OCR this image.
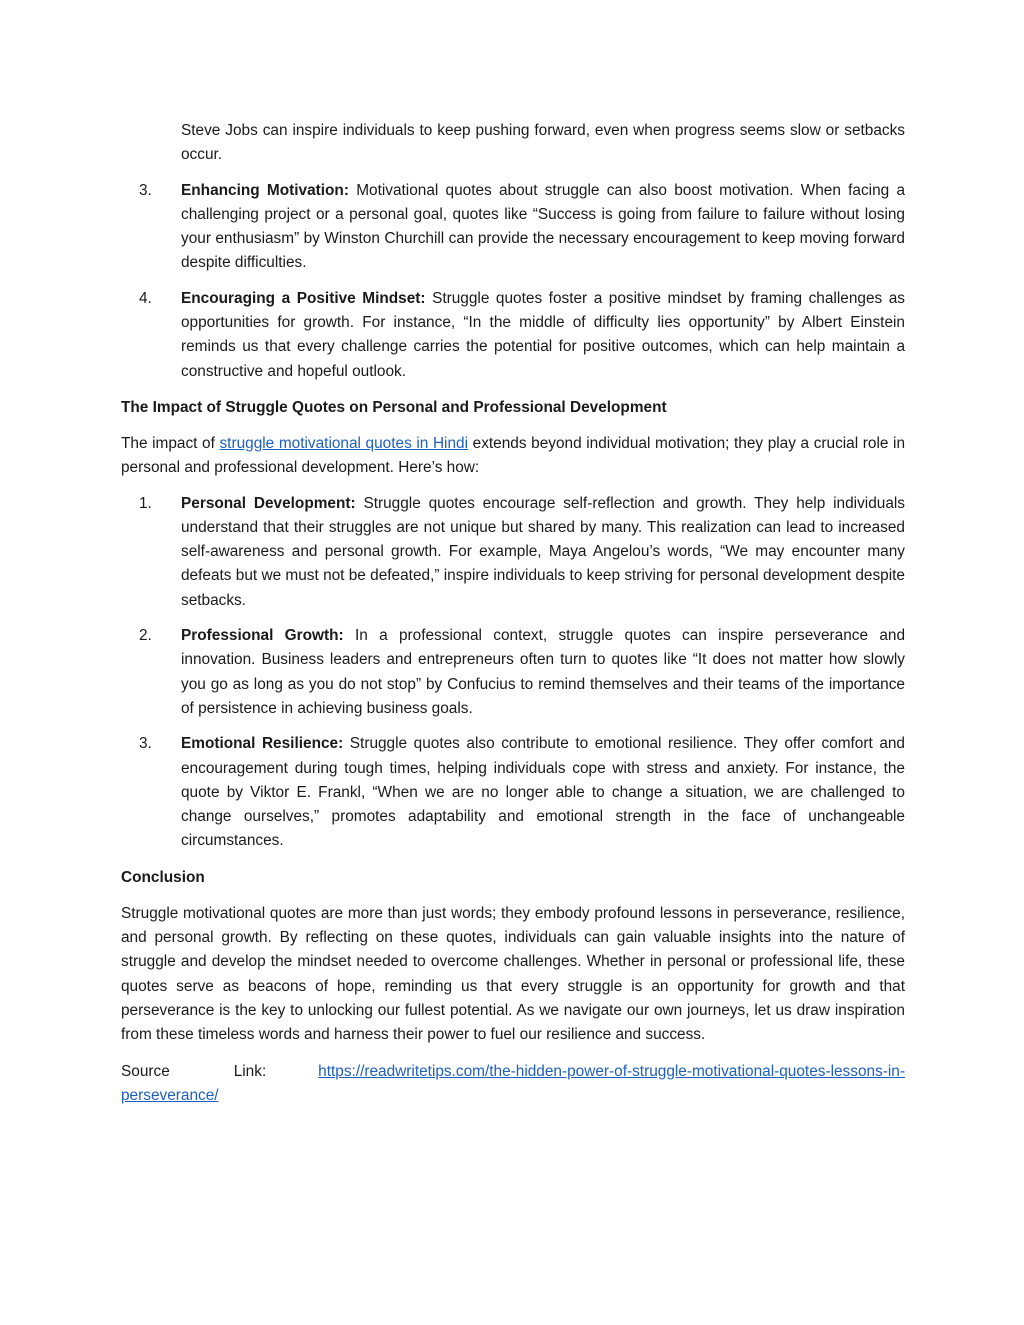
Steve Jobs can inspire individuals to keep pushing forward, even when progress seems slow or setbacks occur.

3.	Enhancing Motivation: Motivational quotes about struggle can also boost motivation. When facing a challenging project or a personal goal, quotes like “Success is going from failure to failure without losing your enthusiasm” by Winston Churchill can provide the necessary encouragement to keep moving forward despite difficulties.

4.	Encouraging a Positive Mindset: Struggle quotes foster a positive mindset by framing challenges as opportunities for growth. For instance, “In the middle of difficulty lies opportunity” by Albert Einstein reminds us that every challenge carries the potential for positive outcomes, which can help maintain a constructive and hopeful outlook.

The Impact of Struggle Quotes on Personal and Professional Development

The impact of struggle motivational quotes in Hindi extends beyond individual motivation; they play a crucial role in personal and professional development. Here’s how:

1.	Personal Development: Struggle quotes encourage self-reflection and growth. They help individuals understand that their struggles are not unique but shared by many. This realization can lead to increased self-awareness and personal growth. For example, Maya Angelou’s words, “We may encounter many defeats but we must not be defeated,” inspire individuals to keep striving for personal development despite setbacks.

2.	Professional Growth: In a professional context, struggle quotes can inspire perseverance and innovation. Business leaders and entrepreneurs often turn to quotes like “It does not matter how slowly you go as long as you do not stop” by Confucius to remind themselves and their teams of the importance of persistence in achieving business goals.

3.	Emotional Resilience: Struggle quotes also contribute to emotional resilience. They offer comfort and encouragement during tough times, helping individuals cope with stress and anxiety. For instance, the quote by Viktor E. Frankl, “When we are no longer able to change a situation, we are challenged to change ourselves,” promotes adaptability and emotional strength in the face of unchangeable circumstances.

Conclusion

Struggle motivational quotes are more than just words; they embody profound lessons in perseverance, resilience, and personal growth. By reflecting on these quotes, individuals can gain valuable insights into the nature of struggle and develop the mindset needed to overcome challenges. Whether in personal or professional life, these quotes serve as beacons of hope, reminding us that every struggle is an opportunity for growth and that perseverance is the key to unlocking our fullest potential. As we navigate our own journeys, let us draw inspiration from these timeless words and harness their power to fuel our resilience and success.

Source Link:	https://readwritetips.com/the-hidden-power-of-struggle-motivational-quotes-lessons-in-perseverance/
